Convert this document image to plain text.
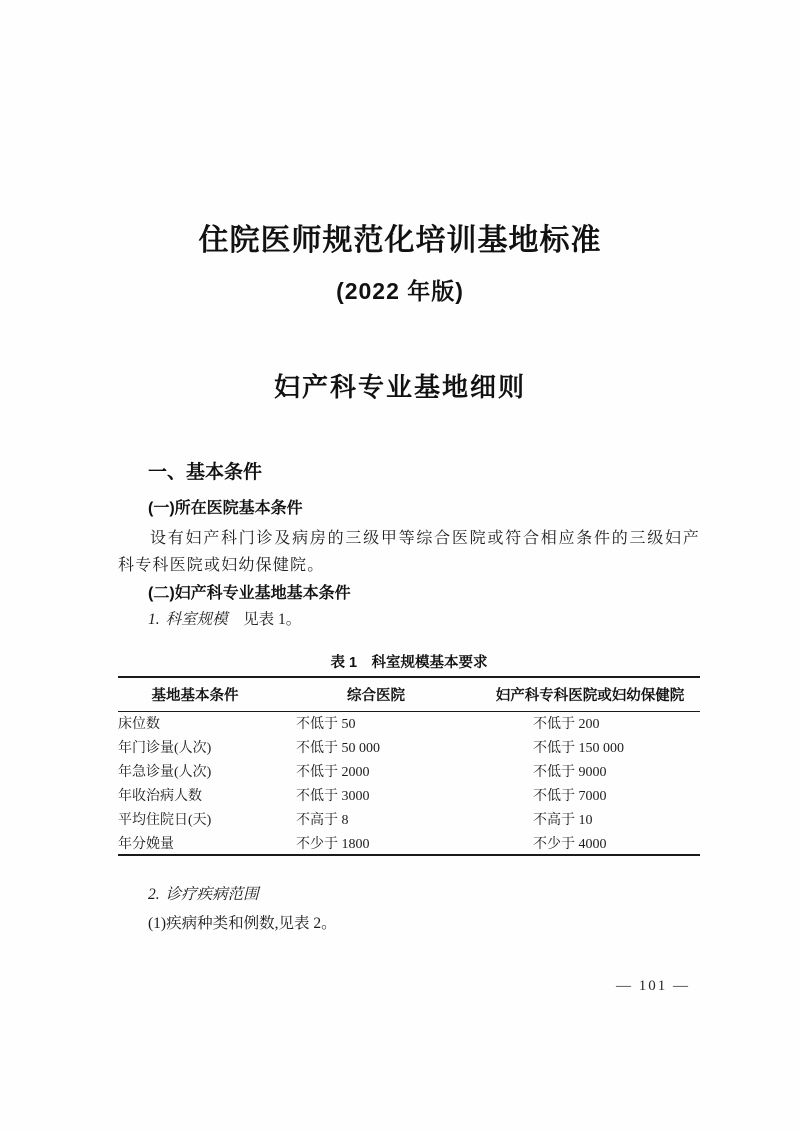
住院医师规范化培训基地标准
(2022 年版)
妇产科专业基地细则
一、基本条件
(一)所在医院基本条件

设有妇产科门诊及病房的三级甲等综合医院或符合相应条件的三级妇产科专科医院或妇幼保健院。

(二)妇产科专业基地基本条件
1. 科室规模 见表 1。
表 1　科室规模基本要求
基地基本条件	综合医院	妇产科专科医院或妇幼保健院
床位数	不低于 50	不低于 200
年门诊量(人次)	不低于 50 000	不低于 150 000
年急诊量(人次)	不低于 2000	不低于 9000
年收治病人数	不低于 3000	不低于 7000
平均住院日(天)	不高于 8	不高于 10
年分娩量	不少于 1800	不少于 4000
2. 诊疗疾病范围
(1)疾病种类和例数,见表 2。
— 101 —
